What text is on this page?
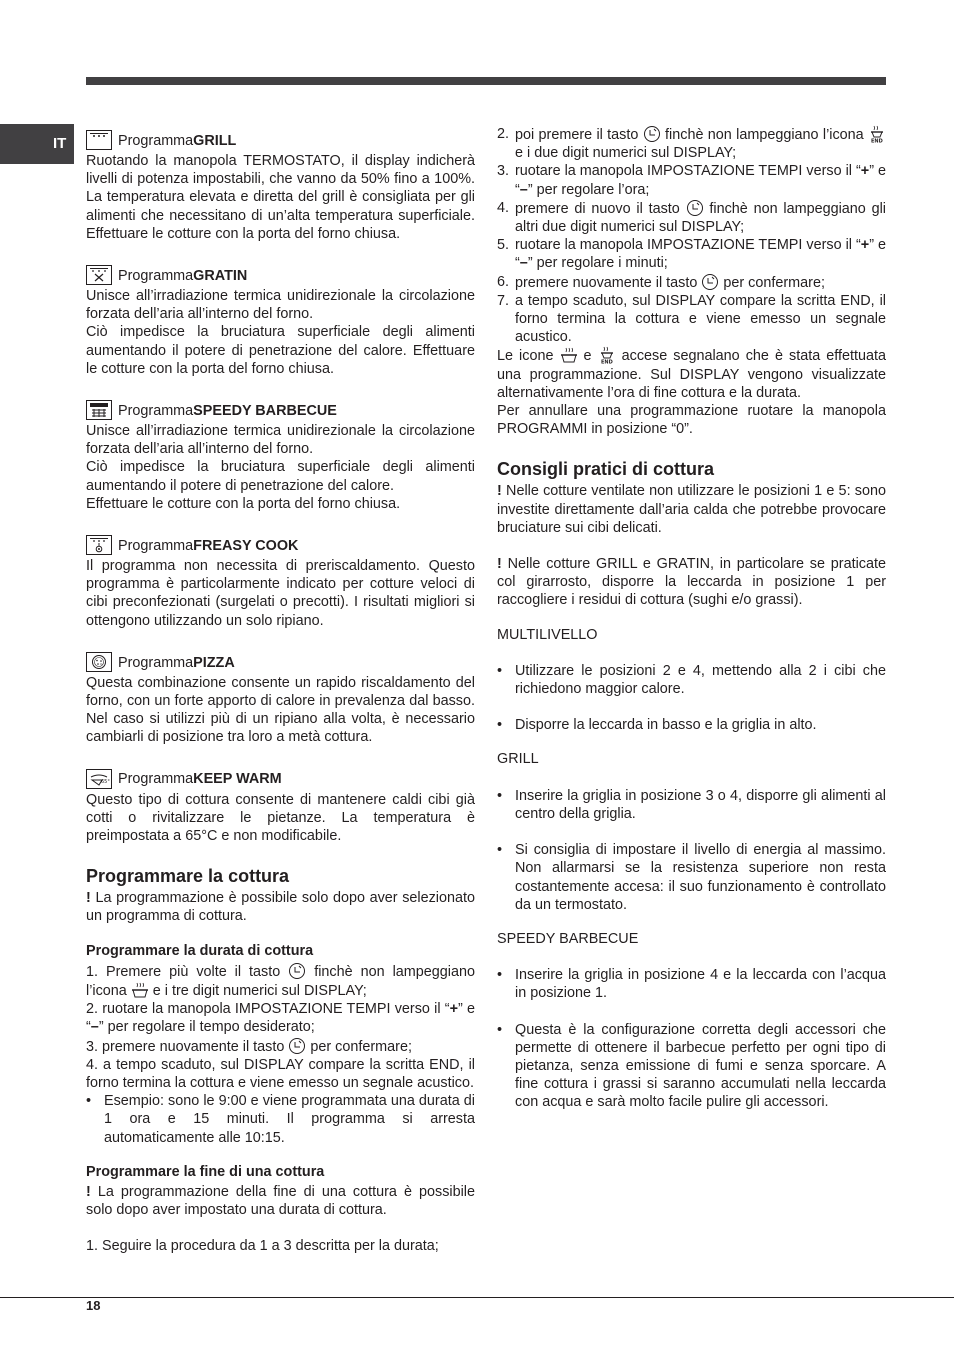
IT	Programma GRILL

Ruotando la manopola TERMOSTATO, il display indicherà livelli di potenza impostabili, che vanno da 50% fino a 100%. La temperatura elevata e diretta del grill è consigliata per gli alimenti che necessitano di un’alta temperatura superficiale. Effettuare le cotture con la porta del forno chiusa.

Programma GRATIN

Unisce all’irradiazione termica unidirezionale la circolazione forzata dell’aria all’interno del forno.

Ciò impedisce la bruciatura superficiale degli alimenti aumentando il potere di penetrazione del calore. Effettuare le cotture con la porta del forno chiusa.

Programma SPEEDY BARBECUE

Unisce all’irradiazione termica unidirezionale la circolazione forzata dell’aria all’interno del forno.

Ciò impedisce la bruciatura superficiale degli alimenti aumentando il potere di penetrazione del calore.

Effettuare le cotture con la porta del forno chiusa.

Programma FREASY COOK

Il programma non necessita di preriscaldamento. Questo programma è particolarmente indicato per cotture veloci di cibi preconfezionati (surgelati o precotti). I risultati migliori si ottengono utilizzando un solo ripiano.

Programma PIZZA

Questa combinazione consente un rapido riscaldamento del forno, con un forte apporto di calore in prevalenza dal basso. Nel caso si utilizzi più di un ripiano alla volta, è necessario cambiarli di posizione tra loro a metà cottura.

65° Programma KEEP WARM

Questo tipo di cottura consente di mantenere caldi cibi già cotti o rivitalizzare le pietanze. La temperatura è preimpostata a 65°C e non modificabile.

Programmare la cottura

! La programmazione è possibile solo dopo aver selezionato un programma di cottura.

Programmare la durata di cottura

1. Premere più volte il tasto  finchè non lampeggiano l’icona  e i tre digit numerici sul DISPLAY;

2. ruotare la manopola IMPOSTAZIONE TEMPI verso il “+” e “–” per regolare il tempo desiderato;

3. premere nuovamente il tasto  per confermare;

4. a tempo scaduto, sul DISPLAY compare la scritta END, il forno termina la cottura e viene emesso un segnale acustico.

• Esempio: sono le 9:00 e viene programmata una durata di 1 ora e 15 minuti. Il programma si arresta automaticamente alle 10:15.
Programmare la fine di una cottura

! La programmazione della fine di una cottura è possibile solo dopo aver impostato una durata di cottura.

1. Seguire la procedura da 1 a 3 descritta per la durata;

2. poi premere il tasto  finchè non lampeggiano l’icona END
e i due digit numerici sul DISPLAY;
3. ruotare la manopola IMPOSTAZIONE TEMPI verso il “+” e “–” per regolare l’ora;
4. premere di nuovo il tasto  finchè non lampeggiano gli altri due digit numerici sul DISPLAY;
5. ruotare la manopola IMPOSTAZIONE TEMPI verso il “+” e “–” per regolare i minuti;
6. premere nuovamente il tasto  per confermare;
7. a tempo scaduto, sul DISPLAY compare la scritta END, il forno termina la cottura e viene emesso un segnale acustico.

Le icone  e END accese segnalano che è stata effettuata una programmazione. Sul DISPLAY vengono visualizzate alternativamente l’ora di fine cottura e la durata.

Per annullare una programmazione ruotare la manopola PROGRAMMI in posizione “0”.

Consigli pratici di cottura

! Nelle cotture ventilate non utilizzare le posizioni 1 e 5: sono investite direttamente dall’aria calda che potrebbe provocare bruciature sui cibi delicati.

! Nelle cotture GRILL e GRATIN, in particolare se praticate col girarrosto, disporre la leccarda in posizione 1 per raccogliere i residui di cottura (sughi e/o grassi).

MULTILIVELLO

• Utilizzare le posizioni 2 e 4, mettendo alla 2 i cibi che richiedono maggior calore.
• Disporre la leccarda in basso e la griglia in alto.

GRILL

• Inserire la griglia in posizione 3 o 4, disporre gli alimenti al centro della griglia.
• Si consiglia di impostare il livello di energia al massimo. Non allarmarsi se la resistenza superiore non resta costantemente accesa: il suo funzionamento è controllato da un termostato.

SPEEDY BARBECUE

• Inserire la griglia in posizione 4 e la leccarda con l’acqua in posizione 1.
• Questa è la configurazione corretta degli accessori che permette di ottenere il barbecue perfetto per ogni tipo di pietanza, senza emissione di fumi e senza sporcare. A fine cottura i grassi si saranno accumulati nella leccarda con acqua e sarà molto facile pulire gli accessori.
18
